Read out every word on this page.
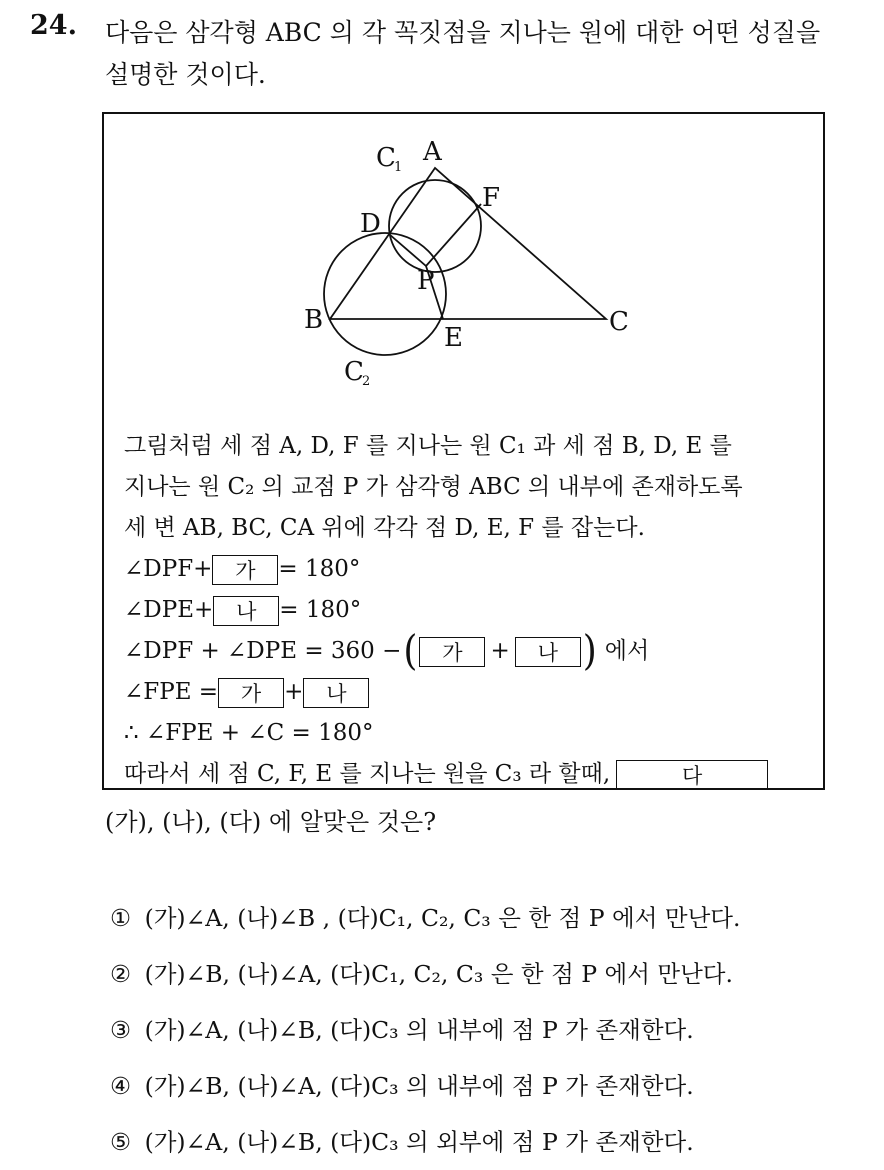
24. 다음은 삼각형 ABC 의 각 꼭짓점을 지나는 원에 대한 어떤 성질을
설명한 것이다.
A
B	C
D
E
F
P
C
1
C
2
그림처럼 세 점 A, D, F 를 지나는 원 C₁ 과 세 점 B, D, E 를
지나는 원 C₂ 의 교점 P 가 삼각형 ABC 의 내부에 존재하도록
세 변 AB, BC, CA 위에 각각 점 D, E, F 를 잡는다.
∠DPF+	가 = 180°
∠DPE+	나 = 180°
∠DPF + ∠DPE = 360 − (	가	+	나 ) 에서
∠FPE =	가 +	나
∴ ∠FPE + ∠C = 180°
따라서 세 점 C, F, E 를 지나는 원을 C₃ 라 할때,	다
(가), (나), (다) 에 알맞은 것은?
① (가)∠A, (나)∠B , (다)C₁, C₂, C₃ 은 한 점 P 에서 만난다.
② (가)∠B, (나)∠A, (다)C₁, C₂, C₃ 은 한 점 P 에서 만난다.
③ (가)∠A, (나)∠B, (다)C₃ 의 내부에 점 P 가 존재한다.
④ (가)∠B, (나)∠A, (다)C₃ 의 내부에 점 P 가 존재한다.
⑤ (가)∠A, (나)∠B, (다)C₃ 의 외부에 점 P 가 존재한다.
